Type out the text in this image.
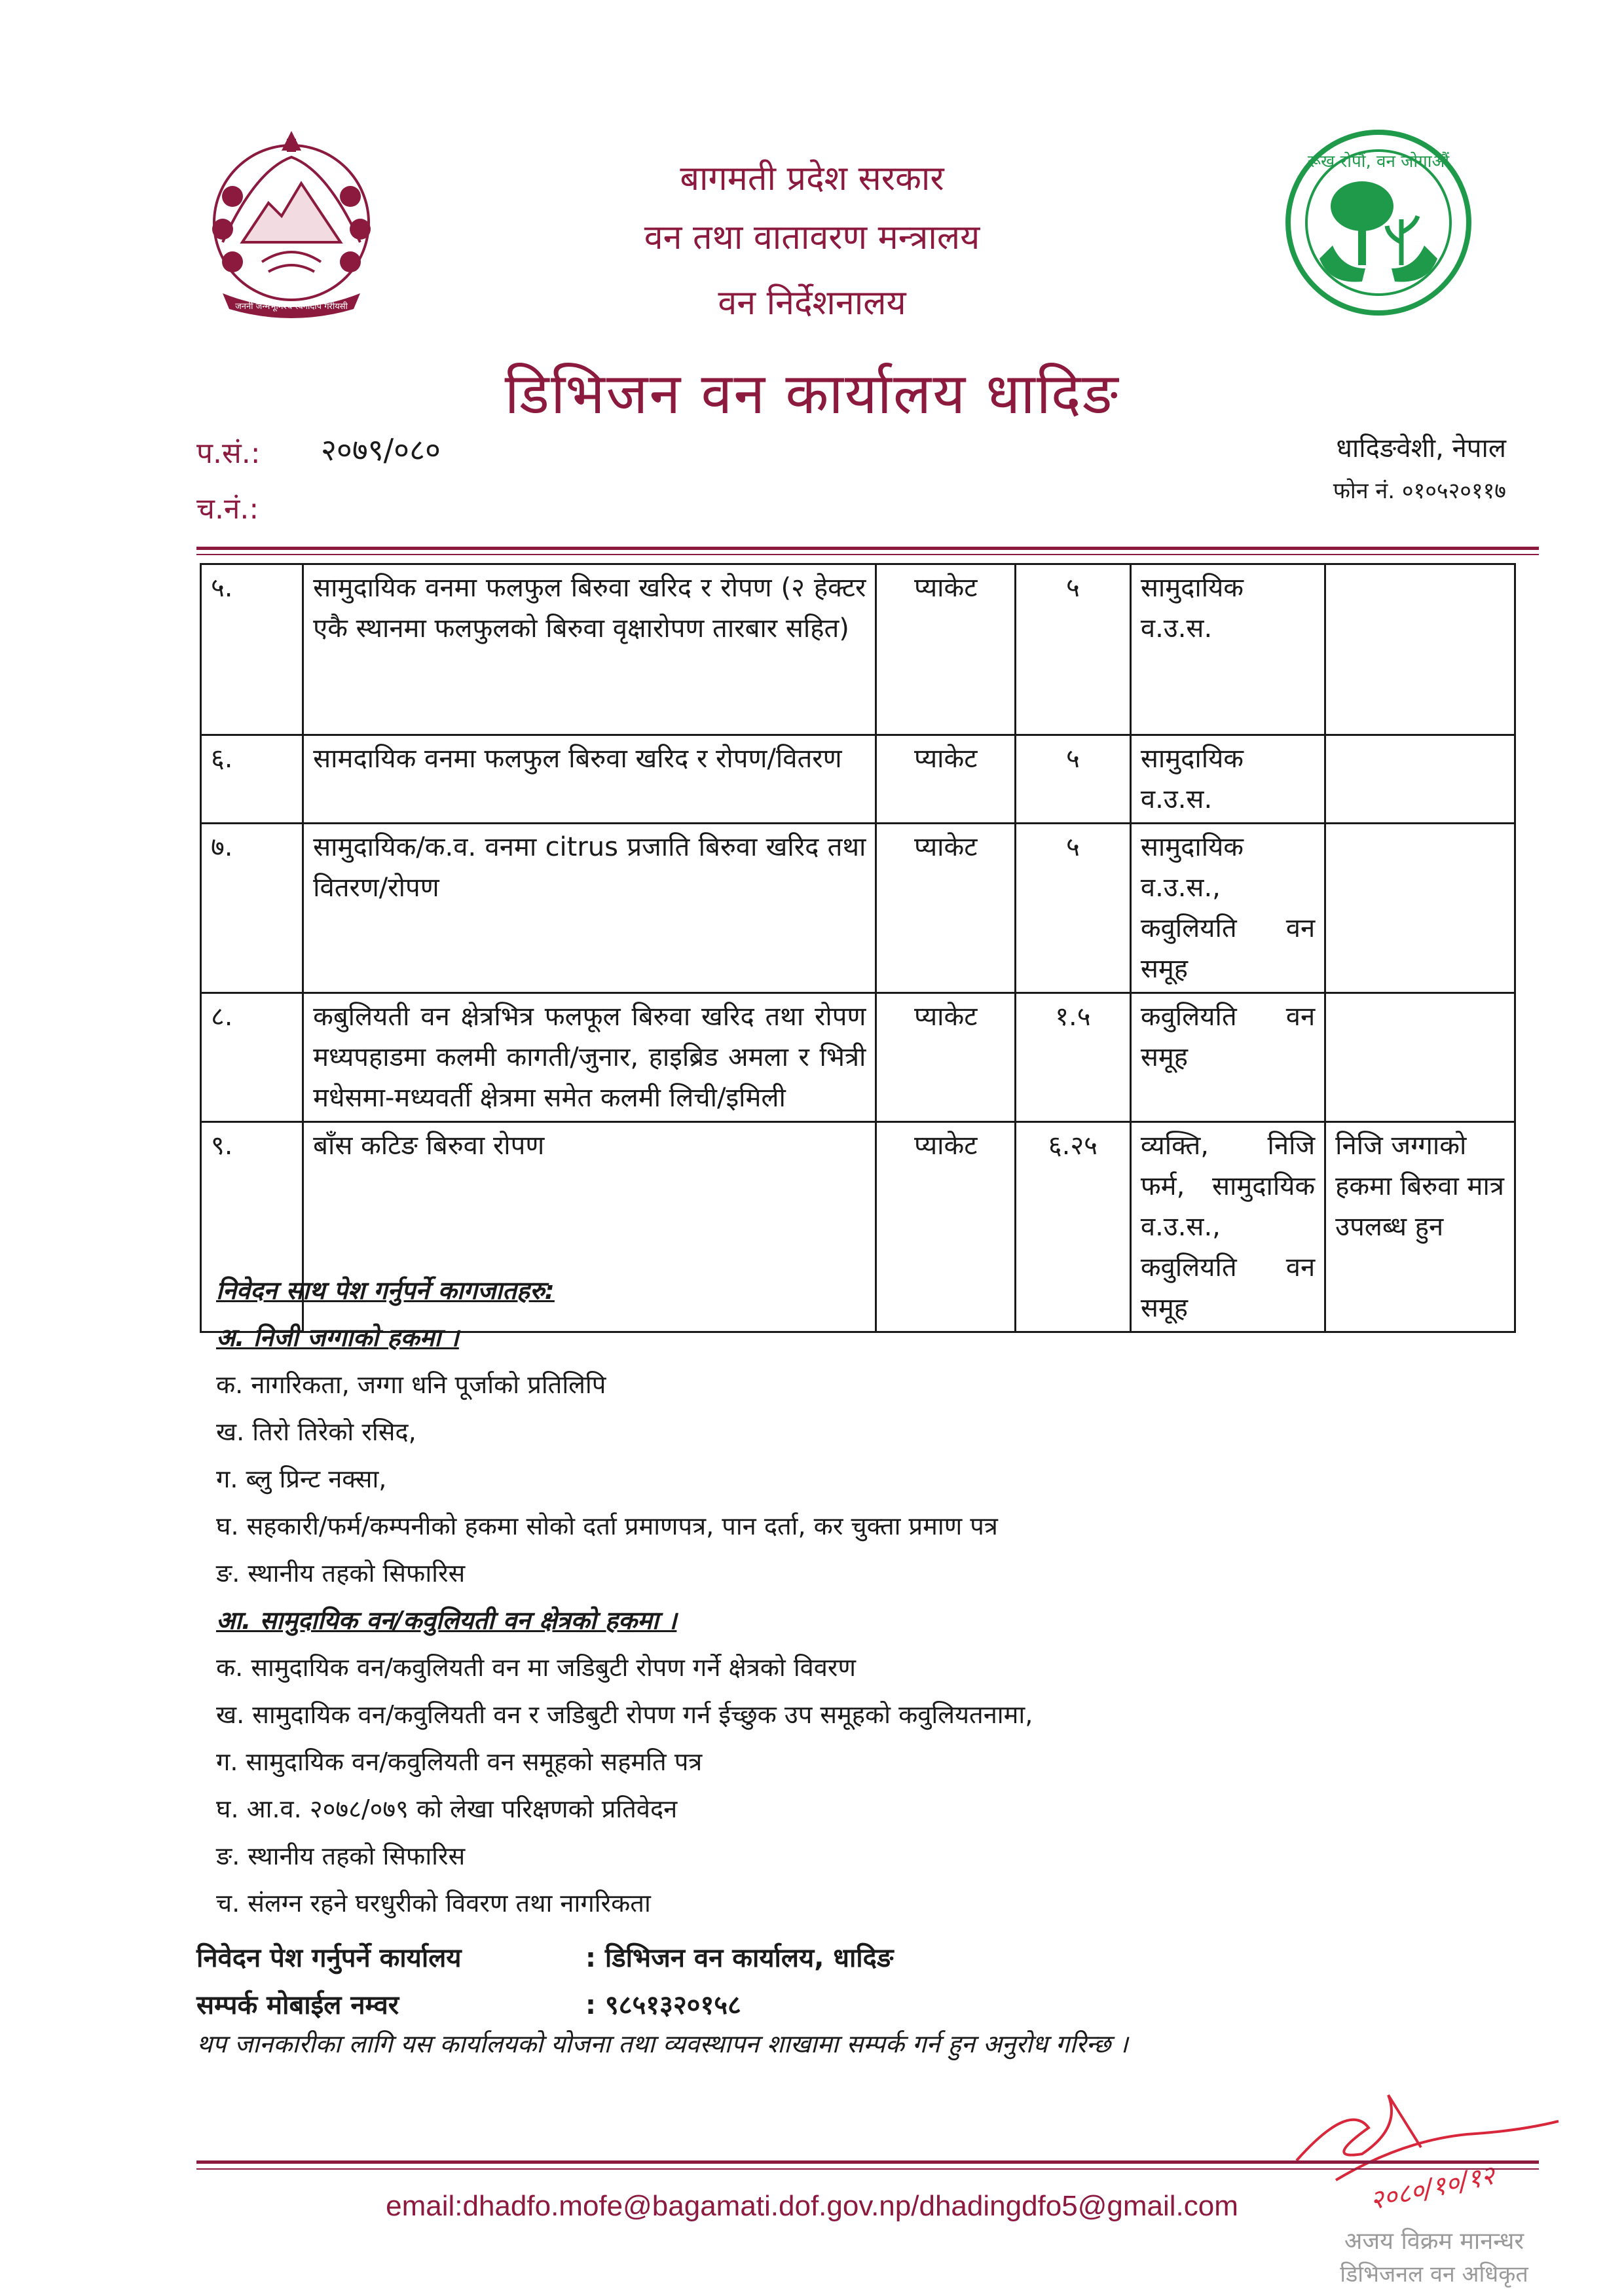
जननी जन्मभूमिश्च स्वर्गादपि गरीयसी
रूख रोपौं, वन जोगाऔं
बागमती प्रदेश सरकार
वन तथा वातावरण मन्त्रालय
वन निर्देशनालय
डिभिजन वन कार्यालय धादिङ
प.सं.: २०७९/०८०
च.नं.:
धादिङवेशी, नेपाल
फोन नं. ०१०५२०११७
५.	सामुदायिक वनमा फलफुल बिरुवा खरिद र रोपण (२ हेक्टर एकै स्थानमा फलफुलको बिरुवा वृक्षारोपण तारबार सहित)	प्याकेट	५	सामुदायिक व.उ.स.	
६.	सामदायिक वनमा फलफुल बिरुवा खरिद र रोपण/वितरण	प्याकेट	५	सामुदायिक व.उ.स.	
७.	सामुदायिक/क.व. वनमा citrus प्रजाति बिरुवा खरिद तथा वितरण/रोपण	प्याकेट	५	सामुदायिक व.उ.स., कवुलियति वन समूह	
८.	कबुलियती वन क्षेत्रभित्र फलफूल बिरुवा खरिद तथा रोपण मध्यपहाडमा कलमी कागती/जुनार, हाइब्रिड अमला र भित्री मधेसमा-मध्यवर्ती क्षेत्रमा समेत कलमी लिची/इमिली	प्याकेट	१.५	कवुलियति वन समूह	
९.	बाँस कटिङ बिरुवा रोपण	प्याकेट	६.२५	व्यक्ति, निजि फर्म, सामुदायिक व.उ.स., कवुलियति वन समूह	निजि जग्गाको हकमा बिरुवा मात्र उपलब्ध हुन
निवेदन साथ पेश गर्नुपर्ने कागजातहरु:
अ. निजी जग्गाको हकमा ।
क. नागरिकता, जग्गा धनि पूर्जाको प्रतिलिपि
ख. तिरो तिरेको रसिद,
ग. ब्लु प्रिन्ट नक्सा,
घ. सहकारी/फर्म/कम्पनीको हकमा सोको दर्ता प्रमाणपत्र, पान दर्ता, कर चुक्ता प्रमाण पत्र
ङ. स्थानीय तहको सिफारिस
आ. सामुदायिक वन/कवुलियती वन क्षेत्रको हकमा ।
क. सामुदायिक वन/कवुलियती वन मा जडिबुटी रोपण गर्ने क्षेत्रको विवरण
ख. सामुदायिक वन/कवुलियती वन र जडिबुटी रोपण गर्न ईच्छुक उप समूहको कवुलियतनामा,
ग. सामुदायिक वन/कवुलियती वन समूहको सहमति पत्र
घ. आ.व. २०७८/०७९ को लेखा परिक्षणको प्रतिवेदन
ङ. स्थानीय तहको सिफारिस
च. संलग्न रहने घरधुरीको विवरण तथा नागरिकता
निवेदन पेश गर्नुपर्ने कार्यालय	: डिभिजन वन कार्यालय, धादिङ
सम्पर्क मोबाईल नम्वर	: ९८५१३२०१५८
थप जानकारीका लागि यस कार्यालयको योजना तथा व्यवस्थापन शाखामा सम्पर्क गर्न हुन अनुरोध गरिन्छ ।
२०८०/१०/१२
अजय विक्रम मानन्धर
डिभिजनल वन अधिकृत
email:dhadfo.mofe@bagamati.dof.gov.np/dhadingdfo5@gmail.com
